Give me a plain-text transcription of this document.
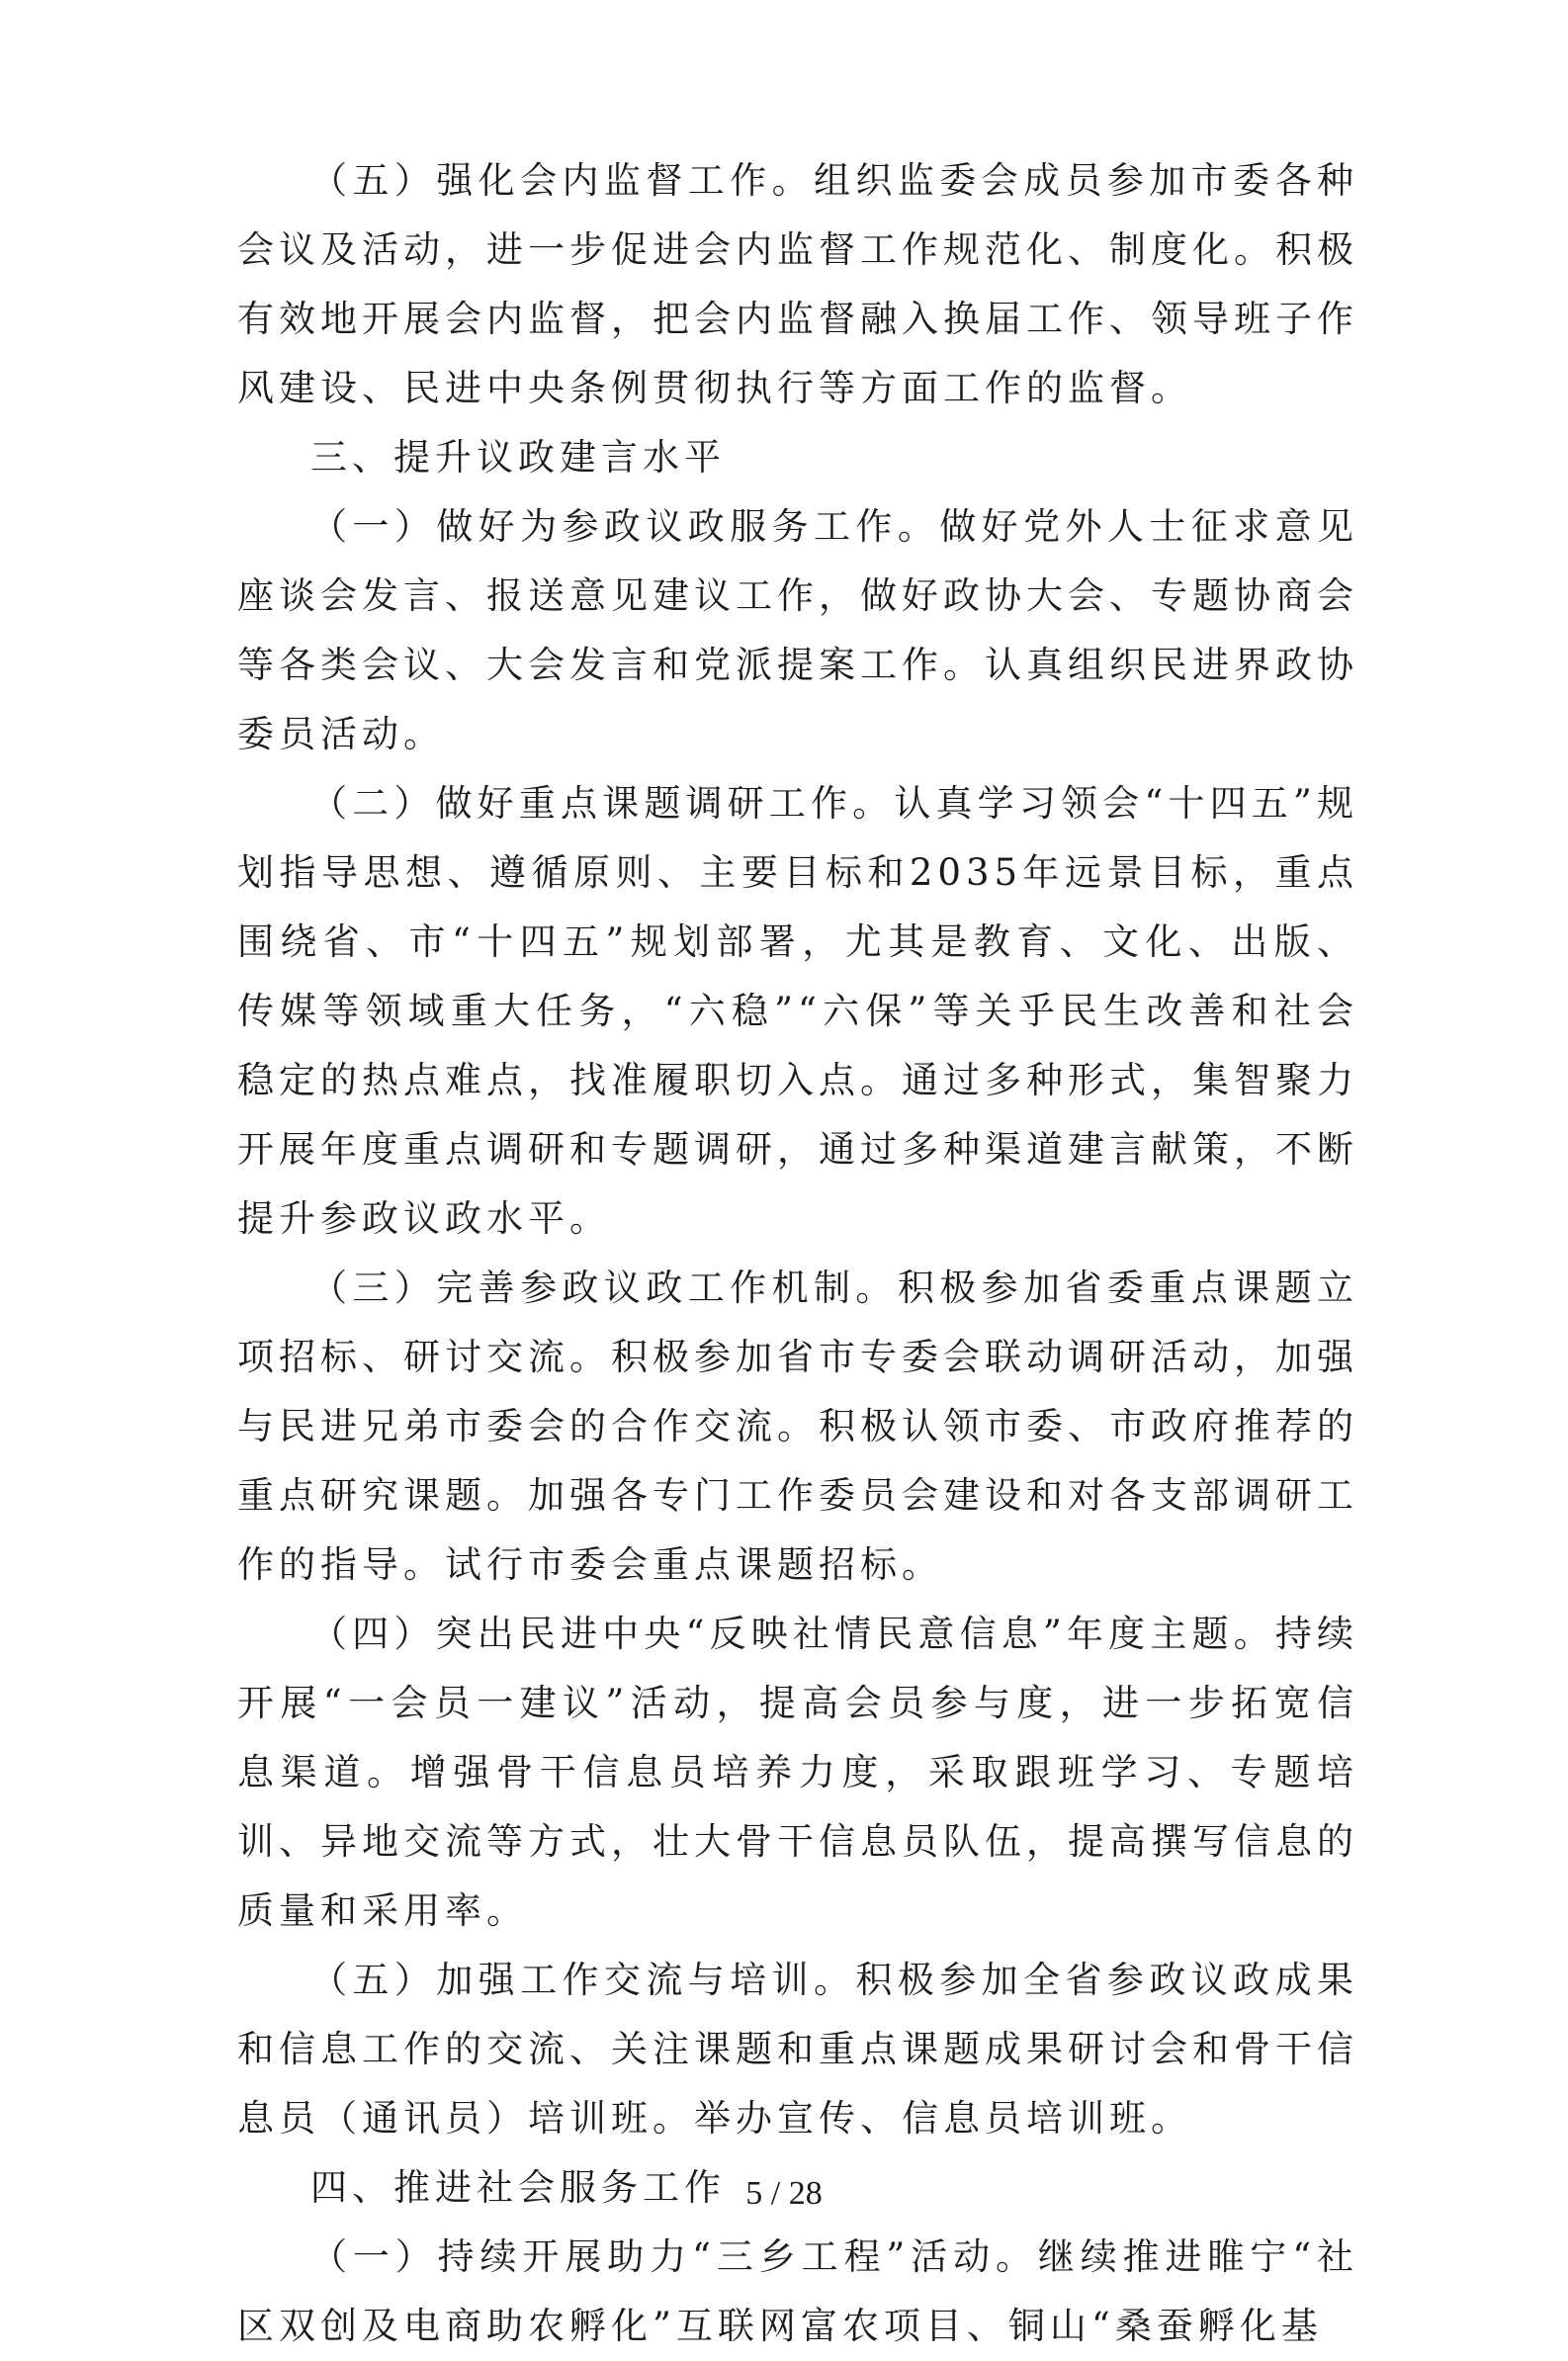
（五）强化会内监督工作。组织监委会成员参加市委各种会议及活动，进一步促进会内监督工作规范化、制度化。积极有效地开展会内监督，把会内监督融入换届工作、领导班子作风建设、民进中央条例贯彻执行等方面工作的监督。

三、提升议政建言水平

（一）做好为参政议政服务工作。做好党外人士征求意见座谈会发言、报送意见建议工作，做好政协大会、专题协商会等各类会议、大会发言和党派提案工作。认真组织民进界政协委员活动。

（二）做好重点课题调研工作。认真学习领会“十四五”规划指导思想、遵循原则、主要目标和2035年远景目标，重点围绕省、市“十四五”规划部署，尤其是教育、文化、出版、传媒等领域重大任务，“六稳”“六保”等关乎民生改善和社会稳定的热点难点，找准履职切入点。通过多种形式，集智聚力开展年度重点调研和专题调研，通过多种渠道建言献策，不断提升参政议政水平。

（三）完善参政议政工作机制。积极参加省委重点课题立项招标、研讨交流。积极参加省市专委会联动调研活动，加强与民进兄弟市委会的合作交流。积极认领市委、市政府推荐的重点研究课题。加强各专门工作委员会建设和对各支部调研工作的指导。试行市委会重点课题招标。

（四）突出民进中央“反映社情民意信息”年度主题。持续开展“一会员一建议”活动，提高会员参与度，进一步拓宽信息渠道。增强骨干信息员培养力度，采取跟班学习、专题培训、异地交流等方式，壮大骨干信息员队伍，提高撰写信息的质量和采用率。

（五）加强工作交流与培训。积极参加全省参政议政成果和信息工作的交流、关注课题和重点课题成果研讨会和骨干信息员（通讯员）培训班。举办宣传、信息员培训班。

四、推进社会服务工作

（一）持续开展助力“三乡工程”活动。继续推进睢宁“社区双创及电商助农孵化”互联网富农项目、铜山“桑蚕孵化基

5 / 28
